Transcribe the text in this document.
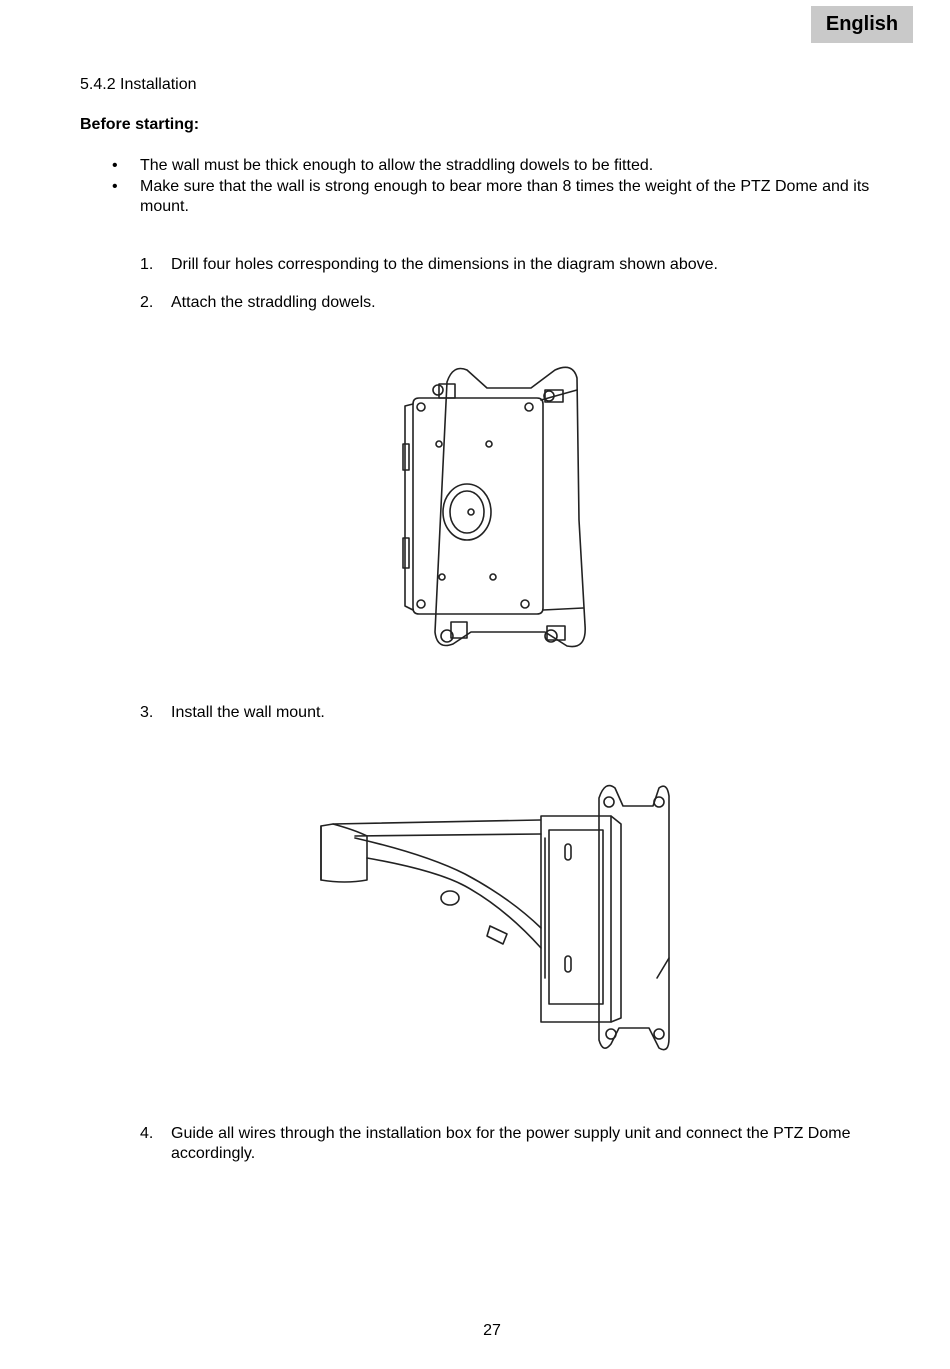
English
5.4.2 Installation
Before starting:
• The wall must be thick enough to allow the straddling dowels to be fitted.
• Make sure that the wall is strong enough to bear more than 8 times the weight of the PTZ Dome and its mount.
1.	Drill four holes corresponding to the dimensions in the diagram shown above.
2.	Attach the straddling dowels.
3.	Install the wall mount.
4.	Guide all wires through the installation box for the power supply unit and connect the PTZ Dome accordingly.
27
